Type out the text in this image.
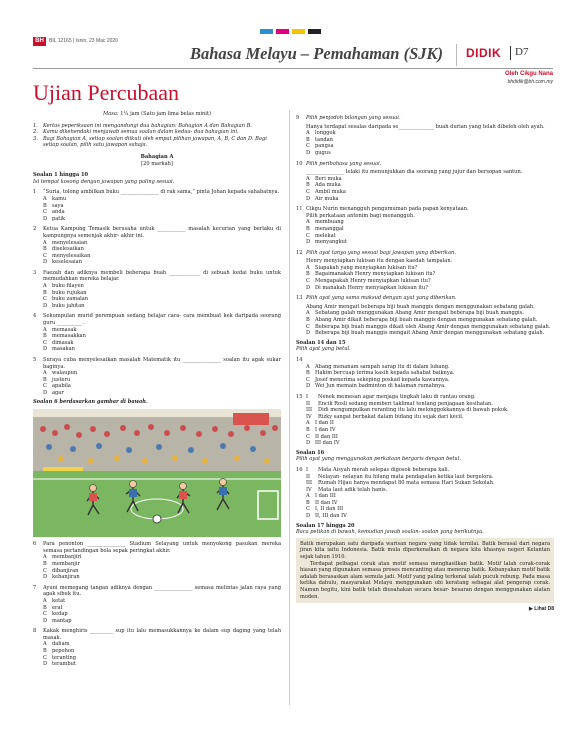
BH	BIL 12165 | Isnin, 23 Mac 2020
Bahasa Melayu – Pemahaman (SJK) DIDIK D7
Ujian Percubaan
Oleh Cikgu Nana
bhdidik@bh.com.my
Masa: 1¼ jam (Satu jam lima belas minit)
1.	Kertas peperiksaan ini mengandungi dua bahagian: Bahagian A dan Bahagian B.
2.	Kamu dikehendaki menjawab semua soalan dalam kedua- dua bahagian ini.
3.	Bagi Bahagian A, setiap soalan diikuti oleh empat pilihan jawapan, A, B, C dan D. Bagi setiap soalan, pilih satu jawapan sahaja.
Bahagian A
[20 markah]
Soalan 1 hingga 10
Isi tempat kosong dengan jawapan yang paling sesuai.
1	“Suria, tolong ambilkan buku _______________ di rak sama,” pinta Johan kepada sahabatnya.
A	kamu
B	saya
C anda
D patik
2	Ketua Kampung Temasik berusaha untuk ___________ masalah kecurian yang berlaku di kampungnya semenjak akhir- akhir ini.
A	menyelesaian
B	diselesaikan
C menyelesaikan
D keselesaian
3	Faezah dan adiknya membeli beberapa buah ____________ di sebuah kedai buku untuk memudahkan mereka belajar.
A	buku filayen
B	buku rujukan
C buku zamalan
D buku jahitan
4	Sekumpulan murid perempuan sedang belajar cara- cara membuat kek daripada seorang guru __________.
A	memasak
B	memasakkan
C dimasak
D masakan
5	Suraya cuba menyelesaikan masalah Matematik itu _______________ soalan itu agak sukar baginya.
A	walaupun
B	justeru
C apabila
D agar
Soalan 6 berdasarkan gambar di bawah.
6	Para penonton _______________ Stadium Selayang untuk menyokong pasukan mereka semasa pertandingan bola sepak peringkat akhir.
A	membanjiri
B	membanjir
C dibanjiran
D kebanjiran
7	Ayuni memegang tangan adiknya dengan _______________ semasa melintas jalan raya yang agak sibuk itu.
A	ketat
B	erat
C kedap
D mantap
8	Kakak menghiris _________ sup itu lalu memasukkannya ke dalam sup daging yang telah masak.
A	daham
B	pepohon
C teranting
D terambut
9	Pilih penjodoh bilangan yang sesuai.
Hanya terdapat sesalas daripada se______________ buah durian yang telah dibeleh oleh ayah.
A	longgok
B	tandan
C pangsa
D gugus
10 Pilih peribahasa yang sesuai.
_______________ lelaki itu menunjukkan dia seorang yang jujur dan bersopan santun.
A	Beri muka
B	Ada muka
C Ambil muka
D Air muka
11 Cikgu Nurin menangguh pengumuman pada papan kenyataan.
Pilih perkataan antonim bagi menangguh.
A	membuang
B	menanggal
C melekat
D menyangkut
12 Pilih ayat tanya yang sesuai bagi jawapan yang diberikan.
Henry menyiapkan lukisan itu dengan kaedah tampalan.
A	Siapakah yang menyiapkan lukisan itu?
B	Bagaimanakah Henry menyiapkan lukisan itu?
C Mengapakah Henry menyiapkan lukisan itu?
D Di manakah Henry menyiapkan lukisan itu?
13 Pilih ayat yang sama maksud dengan ayat yang diberikan.
Abang Amir mengait beberapa biji buah manggis dengan menggunakan sebatang galah.
A	Sebatang galah menggunakan Abang Amir mengait beberapa biji buah manggis.
B	Abang Amir dikait beberapa biji buah manggis dengan menggunakan sebatang galah.
C Beberapa biji buah manggis dikait oleh Abang Amir dengan menggunakan sebatang galah.
D Beberapa biji buah manggis mengait Abang Amir dengan menggunakan sebatang galah.
Soalan 14 dan 15
Pilih ayat yang betul.
14
A	Abang menanam sampah sarap itu di dalam lubang.
B	Hakim bercuap terima kasih kepada sahabat baiknya.
C Josef menerima sekeping poskad kepada kawannya.
D Wei Jun memain badminton di halaman rumahnya.
15 I	Nenek memesan agar menjaga tingkah laku di rantau orang.
II	Encik Rosli sedang memberi taklimat tentang penjagaan kesihatan.
III	Didi mengumpulkan reranting itu lalu melonggokkannya di bawah pokok.
IV	Rizky sangat berbakat dalam bidang itu sejak dari kecil.
A	I dan II
B	I dan IV
C II dan III
D III dan IV
Soalan 16
Pilih ayat yang menggunakan perkataan bergaris dengan betul.
16 I	Mata Aisyah merah selepas digosok beberapa kali.
II	Nelayan- nelayan itu hilang mata pendapatan ketika laut bergelora.
III	Rumah Hijau hanya mendapat 80 mata semasa Hari Sukan Sekolah.
IV	Mata laut adik telah hanis.
A	I dan III
B	II dan IV
C I, II dan III
D II, III dan IV
Soalan 17 hingga 20
Baca petikan di bawah, kemudian jawab soalan- soalan yang berikutnya.
Batik merupakan satu daripada warisan negara yang tidak ternilai. Batik berasal dari negara jiran kita iaitu Indonesia. Batik mula diperkenalkan di negara kita khasnya negeri Kelantan sejak tahun 1910.
Terdapat pelbagai corak atau motif semasa menghasilkan batik. Motif lalah corak-corak hiasan yang digunakan semasa proses mencanting atau menerap batik. Kebanyakan motif batik adalah berasaskan alam semula jadi. Motif yang paling terkenal ialah pucuk rebung. Pada masa ketika dahulu, masyarakat Melayu menggunakan ubi keratang sebagai alat pengerap corak. Namun begitu, kini batik telah diusahakan secara besar- besaran dengan menggunakan alatan moden.
▶ Lihat D8
